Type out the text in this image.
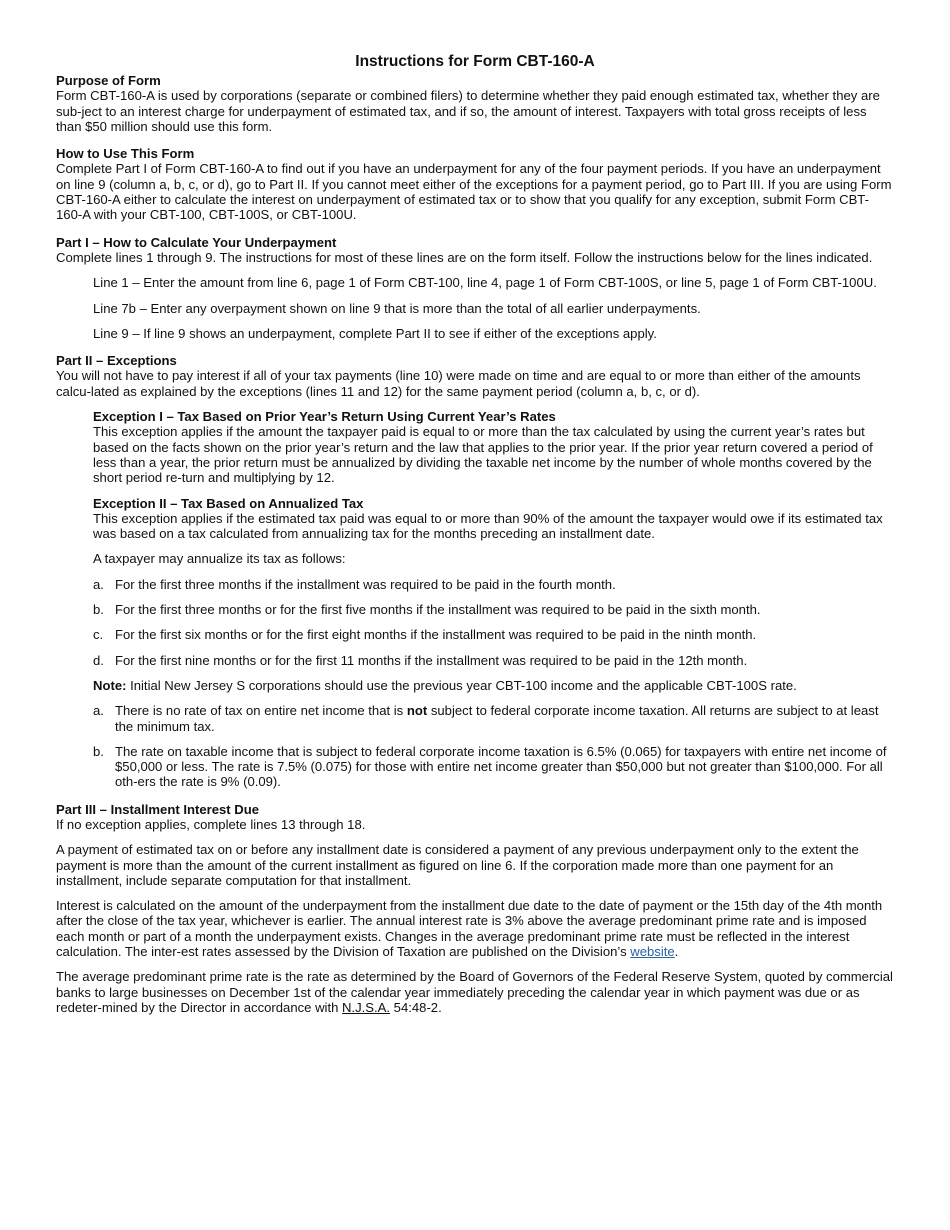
Instructions for Form CBT-160-A

Purpose of Form

Form CBT-160-A is used by corporations (separate or combined filers) to determine whether they paid enough estimated tax, whether they are sub-ject to an interest charge for underpayment of estimated tax, and if so, the amount of interest. Taxpayers with total gross receipts of less than $50 million should use this form.

How to Use This Form

Complete Part I of Form CBT-160-A to find out if you have an underpayment for any of the four payment periods. If you have an underpayment on line 9 (column a, b, c, or d), go to Part II. If you cannot meet either of the exceptions for a payment period, go to Part III. If you are using Form CBT-160-A either to calculate the interest on underpayment of estimated tax or to show that you qualify for any exception, submit Form CBT-160-A with your CBT-100, CBT-100S, or CBT-100U.

Part I – How to Calculate Your Underpayment

Complete lines 1 through 9. The instructions for most of these lines are on the form itself. Follow the instructions below for the lines indicated.

Line 1 – Enter the amount from line 6, page 1 of Form CBT-100, line 4, page 1 of Form CBT-100S, or line 5, page 1 of Form CBT-100U.

Line 7b – Enter any overpayment shown on line 9 that is more than the total of all earlier underpayments.

Line 9 – If line 9 shows an underpayment, complete Part II to see if either of the exceptions apply.

Part II – Exceptions

You will not have to pay interest if all of your tax payments (line 10) were made on time and are equal to or more than either of the amounts calcu-lated as explained by the exceptions (lines 11 and 12) for the same payment period (column a, b, c, or d).

Exception I – Tax Based on Prior Year’s Return Using Current Year’s Rates

This exception applies if the amount the taxpayer paid is equal to or more than the tax calculated by using the current year’s rates but based on the facts shown on the prior year’s return and the law that applies to the prior year. If the prior year return covered a period of less than a year, the prior return must be annualized by dividing the taxable net income by the number of whole months covered by the short period re-turn and multiplying by 12.

Exception II – Tax Based on Annualized Tax

This exception applies if the estimated tax paid was equal to or more than 90% of the amount the taxpayer would owe if its estimated tax was based on a tax calculated from annualizing tax for the months preceding an installment date.

A taxpayer may annualize its tax as follows:

a. For the first three months if the installment was required to be paid in the fourth month.
b. For the first three months or for the first five months if the installment was required to be paid in the sixth month.
c. For the first six months or for the first eight months if the installment was required to be paid in the ninth month.
d. For the first nine months or for the first 11 months if the installment was required to be paid in the 12th month.

Note: Initial New Jersey S corporations should use the previous year CBT-100 income and the applicable CBT-100S rate.

a. There is no rate of tax on entire net income that is not subject to federal corporate income taxation. All returns are subject to at least the minimum tax.
b. The rate on taxable income that is subject to federal corporate income taxation is 6.5% (0.065) for taxpayers with entire net income of $50,000 or less. The rate is 7.5% (0.075) for those with entire net income greater than $50,000 but not greater than $100,000. For all oth-ers the rate is 9% (0.09).

Part III – Installment Interest Due

If no exception applies, complete lines 13 through 18.

A payment of estimated tax on or before any installment date is considered a payment of any previous underpayment only to the extent the payment is more than the amount of the current installment as figured on line 6. If the corporation made more than one payment for an installment, include separate computation for that installment.

Interest is calculated on the amount of the underpayment from the installment due date to the date of payment or the 15th day of the 4th month after the close of the tax year, whichever is earlier. The annual interest rate is 3% above the average predominant prime rate and is imposed each month or part of a month the underpayment exists. Changes in the average predominant prime rate must be reflected in the interest calculation. The inter-est rates assessed by the Division of Taxation are published on the Division’s website.

The average predominant prime rate is the rate as determined by the Board of Governors of the Federal Reserve System, quoted by commercial banks to large businesses on December 1st of the calendar year immediately preceding the calendar year in which payment was due or as redeter-mined by the Director in accordance with N.J.S.A. 54:48-2.
